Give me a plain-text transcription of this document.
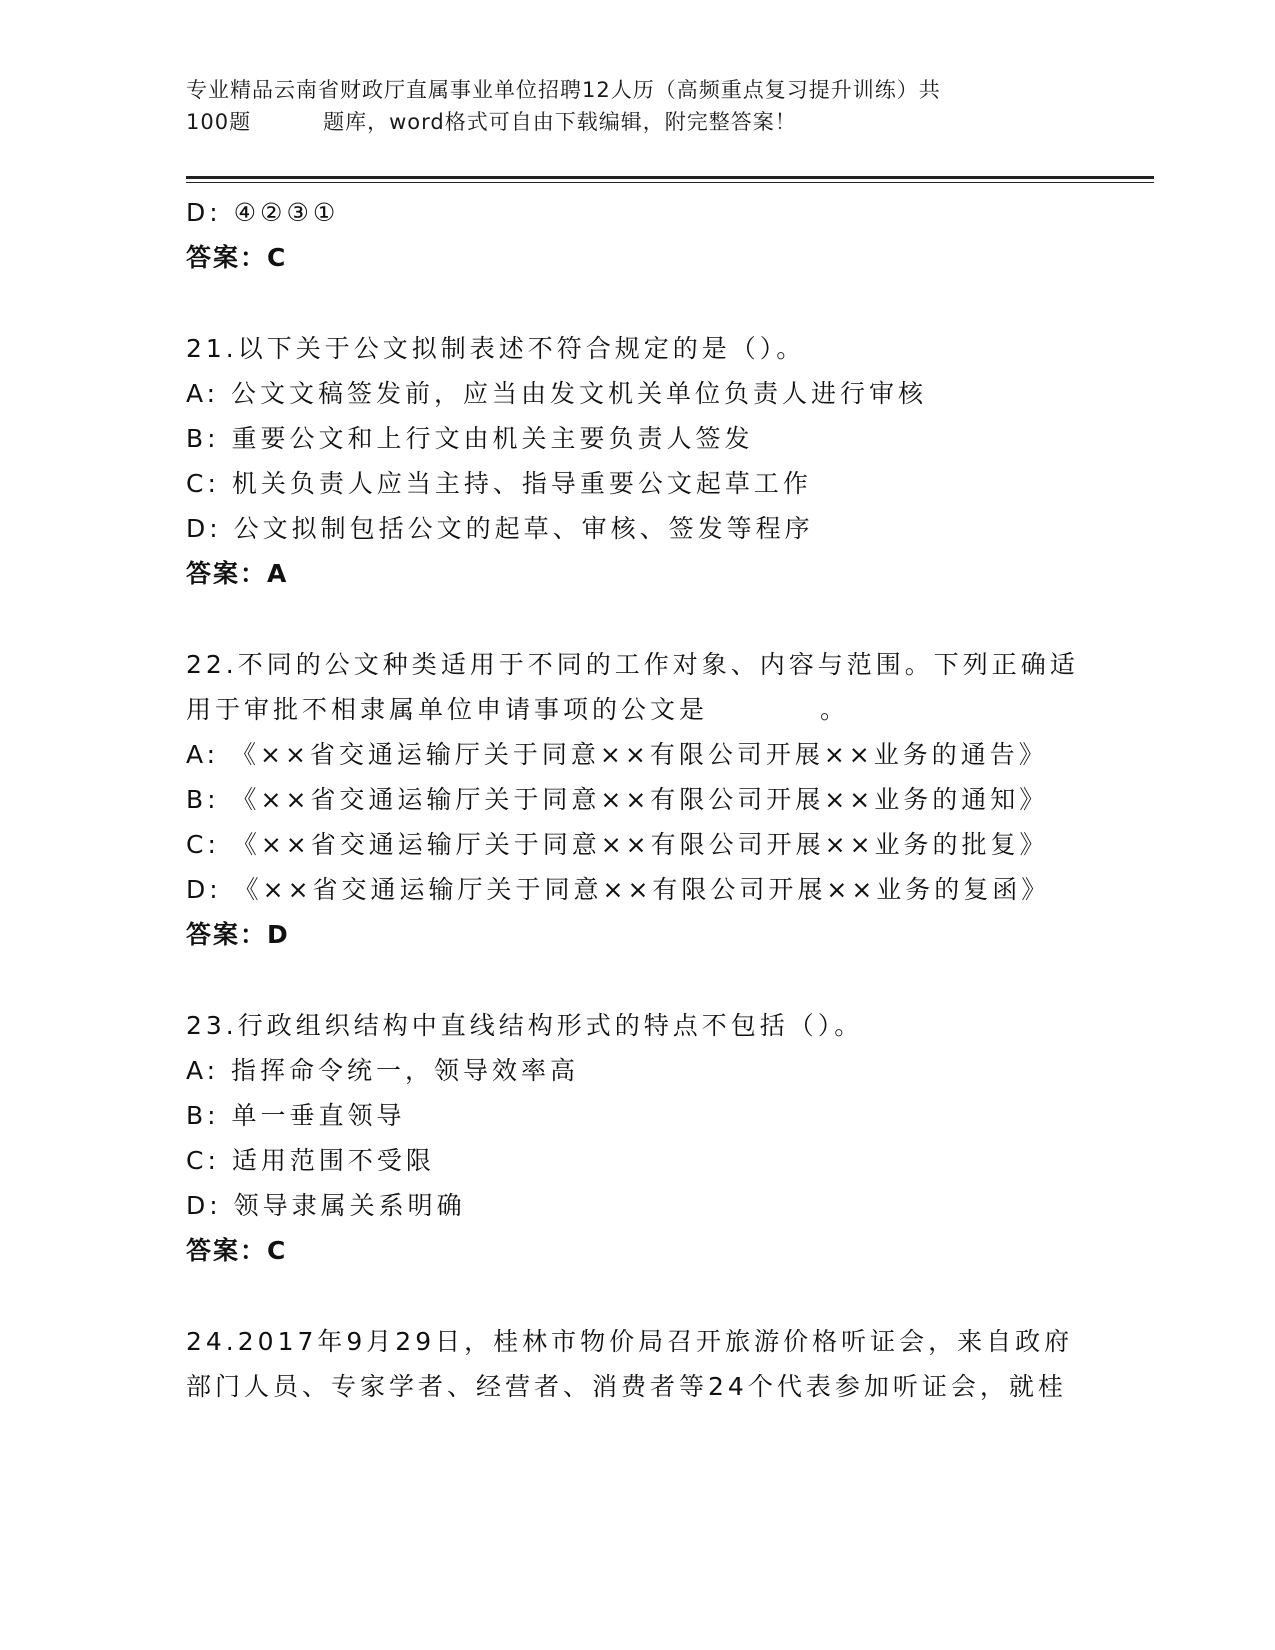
专业精品云南省财政厅直属事业单位招聘12人历（高频重点复习提升训练）共
100题	题库，word格式可自由下载编辑，附完整答案！
D: ④②③①
答案：C
21.以下关于公文拟制表述不符合规定的是（）。
A: 公文文稿签发前，应当由发文机关单位负责人进行审核
B: 重要公文和上行文由机关主要负责人签发
C: 机关负责人应当主持、指导重要公文起草工作
D: 公文拟制包括公文的起草、审核、签发等程序
答案：A
22.不同的公文种类适用于不同的工作对象、内容与范围。下列正确适
用于审批不相隶属单位申请事项的公文是	。
A: 《××省交通运输厅关于同意××有限公司开展××业务的通告》
B: 《××省交通运输厅关于同意××有限公司开展××业务的通知》
C: 《××省交通运输厅关于同意××有限公司开展××业务的批复》
D: 《××省交通运输厅关于同意××有限公司开展××业务的复函》
答案：D
23.行政组织结构中直线结构形式的特点不包括（）。
A: 指挥命令统一，领导效率高
B: 单一垂直领导
C: 适用范围不受限
D: 领导隶属关系明确
答案：C
24.2017年9月29日，桂林市物价局召开旅游价格听证会，来自政府
部门人员、专家学者、经营者、消费者等24个代表参加听证会，就桂
